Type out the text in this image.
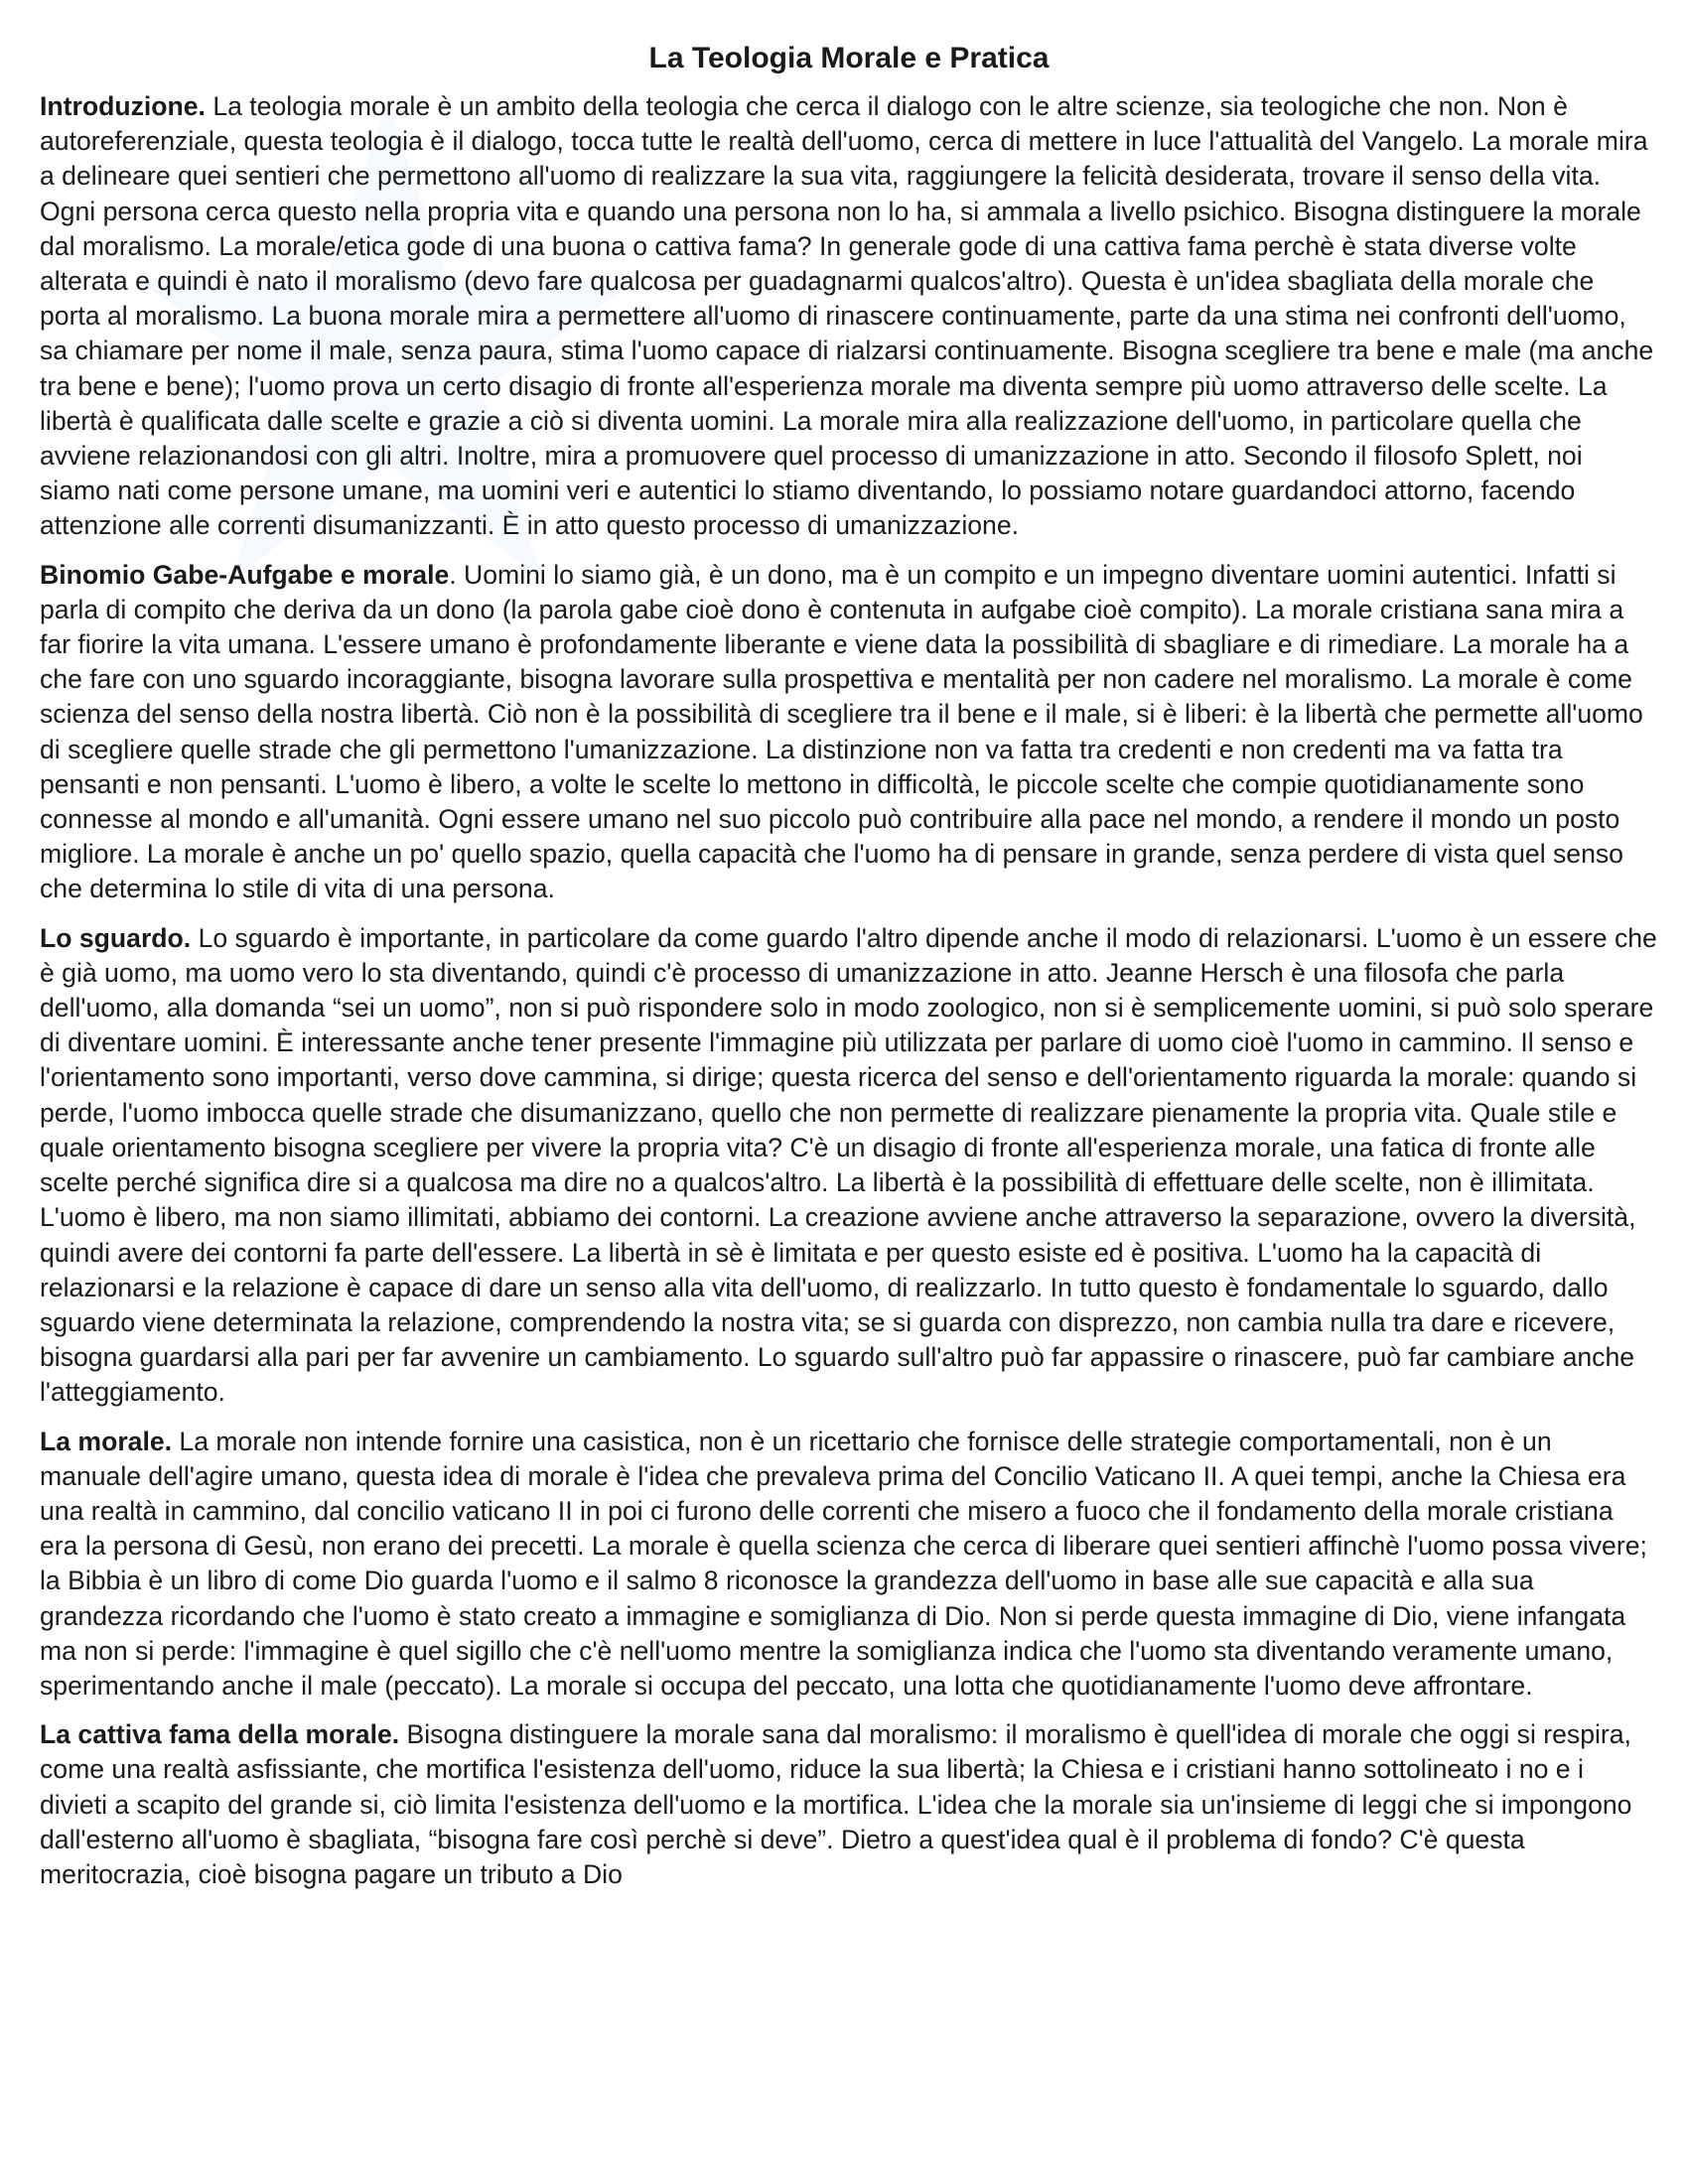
La Teologia Morale e Pratica

Introduzione. La teologia morale è un ambito della teologia che cerca il dialogo con le altre scienze, sia teologiche che non. Non è autoreferenziale, questa teologia è il dialogo, tocca tutte le realtà dell'uomo, cerca di mettere in luce l'attualità del Vangelo. La morale mira a delineare quei sentieri che permettono all'uomo di realizzare la sua vita, raggiungere la felicità desiderata, trovare il senso della vita. Ogni persona cerca questo nella propria vita e quando una persona non lo ha, si ammala a livello psichico. Bisogna distinguere la morale dal moralismo. La morale/etica gode di una buona o cattiva fama? In generale gode di una cattiva fama perchè è stata diverse volte alterata e quindi è nato il moralismo (devo fare qualcosa per guadagnarmi qualcos'altro). Questa è un'idea sbagliata della morale che porta al moralismo. La buona morale mira a permettere all'uomo di rinascere continuamente, parte da una stima nei confronti dell'uomo, sa chiamare per nome il male, senza paura, stima l'uomo capace di rialzarsi continuamente. Bisogna scegliere tra bene e male (ma anche tra bene e bene); l'uomo prova un certo disagio di fronte all'esperienza morale ma diventa sempre più uomo attraverso delle scelte. La libertà è qualificata dalle scelte e grazie a ciò si diventa uomini. La morale mira alla realizzazione dell'uomo, in particolare quella che avviene relazionandosi con gli altri. Inoltre, mira a promuovere quel processo di umanizzazione in atto. Secondo il filosofo Splett, noi siamo nati come persone umane, ma uomini veri e autentici lo stiamo diventando, lo possiamo notare guardandoci attorno, facendo attenzione alle correnti disumanizzanti. È in atto questo processo di umanizzazione.

Binomio Gabe-Aufgabe e morale. Uomini lo siamo già, è un dono, ma è un compito e un impegno diventare uomini autentici. Infatti si parla di compito che deriva da un dono (la parola gabe cioè dono è contenuta in aufgabe cioè compito). La morale cristiana sana mira a far fiorire la vita umana. L'essere umano è profondamente liberante e viene data la possibilità di sbagliare e di rimediare. La morale ha a che fare con uno sguardo incoraggiante, bisogna lavorare sulla prospettiva e mentalità per non cadere nel moralismo. La morale è come scienza del senso della nostra libertà. Ciò non è la possibilità di scegliere tra il bene e il male, si è liberi: è la libertà che permette all'uomo di scegliere quelle strade che gli permettono l'umanizzazione. La distinzione non va fatta tra credenti e non credenti ma va fatta tra pensanti e non pensanti. L'uomo è libero, a volte le scelte lo mettono in difficoltà, le piccole scelte che compie quotidianamente sono connesse al mondo e all'umanità. Ogni essere umano nel suo piccolo può contribuire alla pace nel mondo, a rendere il mondo un posto migliore. La morale è anche un po' quello spazio, quella capacità che l'uomo ha di pensare in grande, senza perdere di vista quel senso che determina lo stile di vita di una persona.

Lo sguardo. Lo sguardo è importante, in particolare da come guardo l'altro dipende anche il modo di relazionarsi. L'uomo è un essere che è già uomo, ma uomo vero lo sta diventando, quindi c'è processo di umanizzazione in atto. Jeanne Hersch è una filosofa che parla dell'uomo, alla domanda “sei un uomo”, non si può rispondere solo in modo zoologico, non si è semplicemente uomini, si può solo sperare di diventare uomini. È interessante anche tener presente l'immagine più utilizzata per parlare di uomo cioè l'uomo in cammino. Il senso e l'orientamento sono importanti, verso dove cammina, si dirige; questa ricerca del senso e dell'orientamento riguarda la morale: quando si perde, l'uomo imbocca quelle strade che disumanizzano, quello che non permette di realizzare pienamente la propria vita. Quale stile e quale orientamento bisogna scegliere per vivere la propria vita? C'è un disagio di fronte all'esperienza morale, una fatica di fronte alle scelte perché significa dire si a qualcosa ma dire no a qualcos'altro. La libertà è la possibilità di effettuare delle scelte, non è illimitata. L'uomo è libero, ma non siamo illimitati, abbiamo dei contorni. La creazione avviene anche attraverso la separazione, ovvero la diversità, quindi avere dei contorni fa parte dell'essere. La libertà in sè è limitata e per questo esiste ed è positiva. L'uomo ha la capacità di relazionarsi e la relazione è capace di dare un senso alla vita dell'uomo, di realizzarlo. In tutto questo è fondamentale lo sguardo, dallo sguardo viene determinata la relazione, comprendendo la nostra vita; se si guarda con disprezzo, non cambia nulla tra dare e ricevere, bisogna guardarsi alla pari per far avvenire un cambiamento. Lo sguardo sull'altro può far appassire o rinascere, può far cambiare anche l'atteggiamento.

La morale. La morale non intende fornire una casistica, non è un ricettario che fornisce delle strategie comportamentali, non è un manuale dell'agire umano, questa idea di morale è l'idea che prevaleva prima del Concilio Vaticano II. A quei tempi, anche la Chiesa era una realtà in cammino, dal concilio vaticano II in poi ci furono delle correnti che misero a fuoco che il fondamento della morale cristiana era la persona di Gesù, non erano dei precetti. La morale è quella scienza che cerca di liberare quei sentieri affinchè l'uomo possa vivere; la Bibbia è un libro di come Dio guarda l'uomo e il salmo 8 riconosce la grandezza dell'uomo in base alle sue capacità e alla sua grandezza ricordando che l'uomo è stato creato a immagine e somiglianza di Dio. Non si perde questa immagine di Dio, viene infangata ma non si perde: l'immagine è quel sigillo che c'è nell'uomo mentre la somiglianza indica che l'uomo sta diventando veramente umano, sperimentando anche il male (peccato). La morale si occupa del peccato, una lotta che quotidianamente l'uomo deve affrontare.

La cattiva fama della morale. Bisogna distinguere la morale sana dal moralismo: il moralismo è quell'idea di morale che oggi si respira, come una realtà asfissiante, che mortifica l'esistenza dell'uomo, riduce la sua libertà; la Chiesa e i cristiani hanno sottolineato i no e i divieti a scapito del grande si, ciò limita l'esistenza dell'uomo e la mortifica. L'idea che la morale sia un'insieme di leggi che si impongono dall'esterno all'uomo è sbagliata, “bisogna fare così perchè si deve”. Dietro a quest'idea qual è il problema di fondo? C'è questa meritocrazia, cioè bisogna pagare un tributo a Dio
